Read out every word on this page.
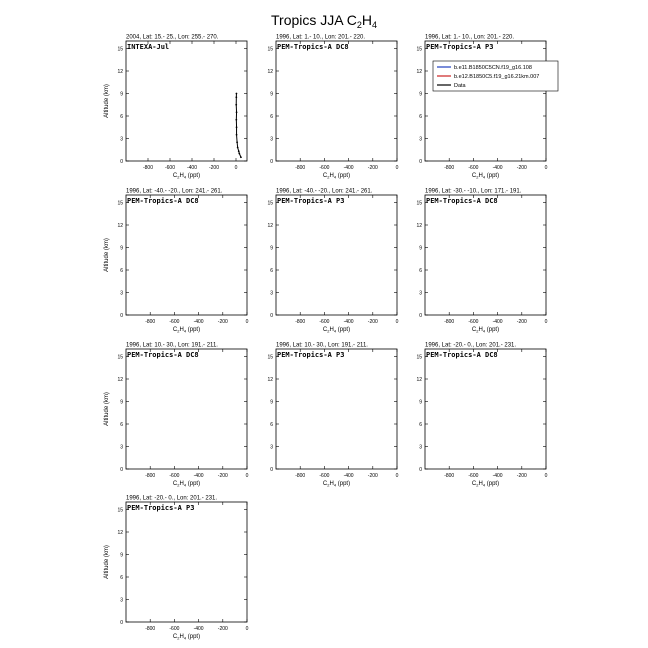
Tropics JJA $C_2H_4$
2004, Lat: 15.- 25., Lon: 255.- 270.
-800 -600 -400 -200	0
0
3
6
9
12
15
$C_2H_4$ (ppt)
Altitude (km)
INTEXA-Jul
1996, Lat: 1.- 10., Lon: 201.- 220.
-800	-600	-400	-200	0
0
3
6
9
12
15
$C_2H_4$ (ppt)
PEM-Tropics-A DC8
1996, Lat: 1.- 10., Lon: 201.- 220.
-800	-600	-400	-200	0
0
3
6
9
12
15
$C_2H_4$ (ppt)
PEM-Tropics-A P3
1996, Lat: -40.- -20., Lon: 241.- 261.
-800	-600	-400	-200	0
0
3
6
9
12
15
$C_2H_4$ (ppt)
Altitude (km)
PEM-Tropics-A DC8
1996, Lat: -40.- -20., Lon: 241.- 261.
-800	-600	-400	-200	0
0
3
6
9
12
15
$C_2H_4$ (ppt)
PEM-Tropics-A P3
1996, Lat: -30.- -10., Lon: 171.- 191.
-800	-600	-400	-200	0
0
3
6
9
12
15
$C_2H_4$ (ppt)
PEM-Tropics-A DC8
1996, Lat: 10.- 30., Lon: 191.- 211.
-800	-600	-400	-200	0
0
3
6
9
12
15
$C_2H_4$ (ppt)
Altitude (km)
PEM-Tropics-A DC8
1996, Lat: 10.- 30., Lon: 191.- 211.
-800	-600	-400	-200	0
0
3
6
9
12
15
$C_2H_4$ (ppt)
PEM-Tropics-A P3
1996, Lat: -20.- 0., Lon: 201.- 231.
-800	-600	-400	-200	0
0
3
6
9
12
15
$C_2H_4$ (ppt)
PEM-Tropics-A DC8
1996, Lat: -20.- 0., Lon: 201.- 231.
-800	-600	-400	-200	0
0
3
6
9
12
15
$C_2H_4$ (ppt)
Altitude (km)
PEM-Tropics-A P3
b.e11.B1850C5CN.f19_g16.108
b.e12.B1850C5.f19_g16.21km.007
Data
